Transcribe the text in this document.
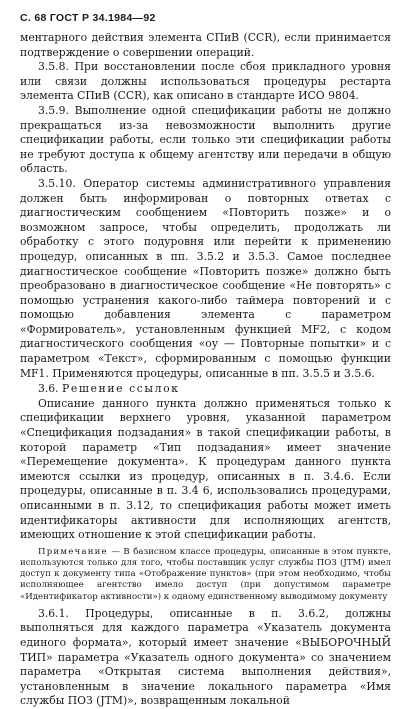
С. 68 ГОСТ Р 34.1984—92

ментарного действия элемента СПиВ (CCR), если принимается подтверждение о совершении операций.

3.5.8. При восстановлении после сбоя прикладного уровня или связи должны использоваться процедуры рестарта элемента СПиВ (CCR), как описано в стандарте ИСО 9804.

3.5.9. Выполнение одной спецификации работы не должно прекращаться из-за невозможности выполнить другие спецификации работы, если только эти спецификации работы не требуют доступа к общему агентству или передачи в общую область.

3.5.10. Оператор системы административного управления должен быть информирован о повторных ответах с диагностическим сообщением «Повторить позже» и о возможном запросе, чтобы определить, продолжать ли обработку с этого подуровня или перейти к применению процедур, описанных в пп. 3.5.2 и 3.5.3. Самое последнее диагностическое сообщение «Повторить позже» должно быть преобразовано в диагностическое сообщение «Не повторять» с помощью устранения какого-либо таймера повторений и с помощью добавления элемента с параметром «Формирователь», установленным функцией MF2, с кодом диагностического сообщения «оу — Повторные попытки» и с параметром «Текст», сформированным с помощью функции MF1. Применяются процедуры, описанные в пп. 3.5.5 и 3.5.6.

3.6. Решение ссылок

Описание данного пункта должно применяться только к спецификации верхнего уровня, указанной параметром «Спецификация подзадания» в такой спецификации работы, в которой параметр «Тип подзадания» имеет значение «Перемещение документа». К процедурам данного пункта имеются ссылки из процедур, описанных в п. 3.4.6. Если процедуры, описанные в п. 3.4 6, использовались процедурами, описанными в п. 3.12, то спецификация работы может иметь идентификаторы активности для исполняющих агентств, имеющих отношение к этой спецификации работы.

Примечание — В базисном классе процедуры, описанные в этом пункте, используются только для того, чтобы поставщик услуг службы ПОЗ (JTM) имел доступ к документу типа «Отображение пунктов» (при этом необходимо, чтобы исполняющее агентство имело доступ (при допустимом параметре «Идентификатор активности») к одному единственному выводимому документу

3.6.1. Процедуры, описанные в п. 3.6.2, должны выполняться для каждого параметра «Указатель документа единого формата», который имеет значение «ВЫБОРОЧНЫЙ ТИП» параметра «Указатель одного документа» со значением параметра «Открытая система выполнения действия», установленным в значение локального параметра «Имя службы ПОЗ (JTM)», возвращенным локальной
